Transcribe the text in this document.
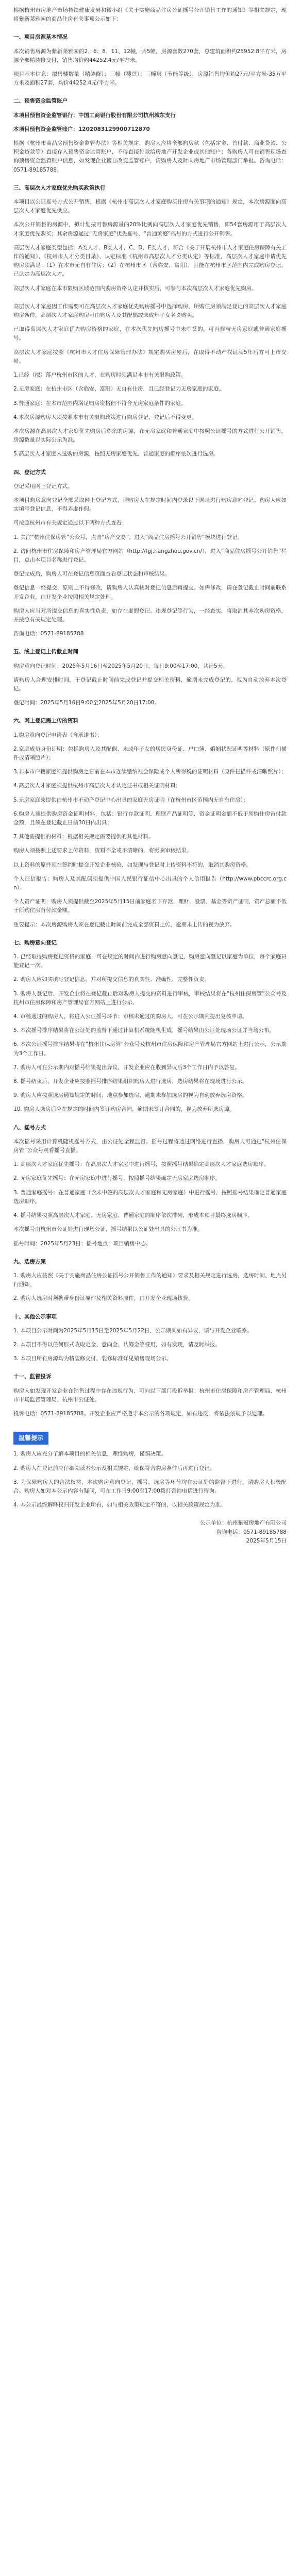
根据杭州市房地产市场持续健康发展和微小组《关于实施商品住房公证摇号公开销售工作的通知》等相关规定，现将紫新莱雅园的商品住房有关事项公示如下：

一、项目房源基本情况

本次销售房源为紫新莱雅园的2、6、8、11、12幢，共5幢，房源套数270套，总建筑面积约25952.8平方米，房源全部精装修交付，销售均价约44252.4元/平方米。

项目基本信息：拟售楼数量（精装修）；三幢（楼盘）；三幢层（节能等级），房源销售均价约27元/平方米-35万平方米及面积27套，均价44252.4元/平方米。

二、预售资金监管账户

本项目预售资金监管银行：中国工商银行股份有限公司杭州城东支行

本项目预售资金监管账户：1202083129900712870

根据《杭州市商品房预售资金监管办法》等相关规定，购房人应将全部购房款（包括定金、首付款、商业贷款、公积金贷款等）直接存入预售资金监管账户，不得直接付款给房地产开发企业或其他账户；各购房人可在销售现场查询预售资金监管账户信息，如发现企业擅自改变监管账户，请购房人及时向房地产市场管理部门举报。咨询电话：0571-89185788。

三、高层次人才家庭优先购买政策执行

本项目以公证摇号方式公开销售，根据《杭州市高层次人才家庭购买住房有关事项的通知》规定，本次房源面向高层次人才家庭优先供应。

本次公开销售的房源中，拟计划按可售房源量的20%比例向高层次人才家庭优先销售，即54套房源用于高层次人才家庭优先购买；其余房源通过“无房家庭”优先摇号、“普通家庭”摇号的方式进行公开销售。

高层次人才家庭类型包括：A类人才、B类人才，C、D、E类人才，符合《关于开展杭州市人才家庭住房保障有关工作的通知》、《杭州市人才分类目录》、认定标准《杭州市高层次人才分类认定》等标准，高层次人才家庭申请优先购房须满足：（1）在本市无自有住房；（2）在杭州市区（含临安、富阳），且能在杭州市区范围内完成购房登记，已认定为高层次人才。

高层次人才家庭在本市限购区域范围内购房资格认定并核实后，可参与本次高层次人才家庭优先购房。

高层次人才家庭因工作需要可在高层次人才家庭优先购房摇号中选择购房，所购住房须满足登记的高层次人才家庭购房条件，高层次人才家庭购房可由购房人及其配偶或未成年子女名义购买。

已取得高层次人才家庭优先购房资格的家庭，在本次优先购房摇号中未中签的，可再参与无房家庭或普通家庭摇号。

高层次人才家庭按照《杭州市人才住房保障管理办法》规定购买房屋后，在取得不动产权证满5年后方可上市交易。

1.已经（拟）落户杭州市区的人才，在购房时须满足本市有关限购政策。

2.无房家庭：在杭州市区（含临安、富阳）无自有住房，且已经登记为无房家庭的家庭。

3.普通家庭：在本市范围内满足购房资格但不符合无房家庭条件的家庭。

4.本次房源购房人须按照本市有关限购政策进行购房登记，登记后不得变更。

本次房源在高层次人才家庭优先购房后剩余的房源，在无房家庭和普通家庭中按照公证摇号的方式进行公开销售，房源数量以实际公示为准。

5.高层次人才家庭未选购的房源，按照无房家庭优先、普通家庭的顺序依次进行选房。

四、登记方式

登记采用网上登记方式。

本项目购房意向登记全部采取网上登记方式，请购房人在规定时间内登录以下网址进行购房意向登记。购房人应如实填写登记信息，不得弄虚作假。

可按照杭州市有关规定通过以下两种方式查看：

1. 关注“杭州住保房管”公众号，点击“房产交易”，进入“商品住房摇号公开销售”模块进行登记。

2. 访问杭州市住房保障和房产管理局官方网站（http://fgj.hangzhou.gov.cn/），进入“商品住房摇号公开销售”栏目，点击本项目名称进行登记。

登记完成后，购房人可在登记信息页面查看登记状态和审核结果。

登记信息一经提交，原则上不得修改，请购房人认真核对登记信息后再提交。如需修改，请在登记截止时间前联系开发企业，由开发企业按照相关规定处理。

购房人应当对所提交信息的真实性负责，如存在虚假登记、违规登记等行为，一经查实，将取消其本次购房资格，并按照有关规定处理。

咨询电话：0571-89185788

五、线上登记上传截止时间

购房意向登记时间：2025年5月16日至2025年5月20日，每日9:00至17:00，共计5天。

请购房人合理安排时间，于登记截止时间前完成登记并提交相关资料，逾期未完成登记的，视为自动放弃本次登记。

登记时间：2025年5月16日9:00至2025年5月20日17:00。

六、网上登记需上传的资料

1.购房意向登记申请表（含承诺书）；

2.家庭成员身份证明：包括购房人及其配偶、未成年子女的居民身份证、户口簿、婚姻状况证明等材料（原件扫描件或清晰照片）；

3.非本市户籍家庭须提供购房之日前在本市连续缴纳社会保险或个人所得税的证明材料（原件扫描件或清晰照片）；

4.高层次人才家庭须提供杭州市高层次人才认定证书或相关证明材料；

5.无房家庭须提供由杭州市不动产登记中心出具的家庭无房证明（在杭州市区范围内无自有住房）；

6.购房人须提供购房资金证明材料，包括：银行存款证明、理财产品证明等，资金证明金额不低于所购住房首付款金额，且须在登记截止日前30日内出具；

7.其他需提供的材料：根据相关规定需要提供的其他材料。

购房人须按照上述要求上传资料，资料不全或不清晰的，将影响审核结果。

以上资料的原件须在签约时提交开发企业核验，如发现与登记时上传资料不符的，取消其购房资格。

个人征信报告：购房人及其配偶须提供中国人民银行征信中心出具的个人信用报告（http://www.pbccrc.org.cn）。

个人资产证明：购房人须提供截至2025年5月15日前家庭名下存款、理财、股票、基金等资产证明，资产总额不低于所购住房首付款金额。

重要提示：本次房源购房人须在登记截止时间前完成全部资料上传，逾期未上传的视为放弃。

七、购房意向登记

1. 已经取得购房登记资格的家庭，可在规定的时间内进行购房意向登记，购房意向登记以家庭为单位，每个家庭只能登记一次。

2. 购房人应如实填写登记信息，并对所提交信息的真实性、准确性、完整性负责。

3. 购房人登记后，开发企业将在登记截止后对购房人提交的资料进行审核，审核结果将在“杭州住保房管”公众号及杭州市住房保障和房产管理局官方网站上进行公示。

4. 审核通过的购房人，将进入公证摇号环节；审核未通过的购房人，可在公示期内提出复核申请。

5. 本次摇号排序结果将在公证处的监督下通过计算机系统随机生成，摇号结果由公证处现场公证并当场公布。

6. 本次公证摇号排序结果将在“杭州住保房管”公众号及杭州市住房保障和房产管理局官方网站上进行公示，公示期为3个工作日。

7. 购房人可在公示期内对摇号结果提出异议，开发企业应在收到异议后3个工作日内予以答复。

8. 摇号结束后，开发企业应按照摇号排序结果组织购房人进行选房，选房结果将在现场进行公示。

9. 购房人应按照选房通知规定的时间、地点参加选房，逾期未参加选房的视为自动放弃选房资格。

10. 购房人选房后应在规定的时间内签订购房合同，逾期未签订合同的，视为放弃所选房源。

八、摇号方式

本次摇号采用计算机随机摇号方式，由公证处全程监督。摇号过程将通过网络进行直播，购房人可通过“杭州住保房管”公众号观看摇号直播。

1. 高层次人才家庭优先摇号：在高层次人才家庭中进行摇号，按照摇号结果确定高层次人才家庭选房顺序。

2. 无房家庭优先摇号：在无房家庭中进行摇号，按照摇号结果确定无房家庭选房顺序。

3. 普通家庭摇号：在普通家庭（含未中签的高层次人才家庭和无房家庭）中进行摇号，按照摇号结果确定普通家庭选房顺序。

4. 摇号结果按照高层次人才家庭、无房家庭、普通家庭的顺序依次排列，形成本项目最终选房顺序。

本次摇号由杭州市公证处进行现场公证，摇号结果以公证处出具的公证书为准。

摇号时间：2025年5月23日；摇号地点：项目销售中心。

九、选房方案

1. 购房人应按照《关于实施商品住房公证摇号公开销售工作的通知》要求及相关规定进行选房，选房时间、地点另行通知。

2. 购房人选房时须携带身份证原件及相关资料原件，由开发企业现场核验。

十、其他公示事项

1. 本项目公示时间为2025年5月15日至2025年5月22日，公示期间如有异议，请与开发企业联系。

2. 本项目不得以任何形式收取定金、意向金、认筹金等费用，如有发现，请及时举报。

3. 本项目所有房源均为精装修交付，装修标准详见销售现场公示。

十一、监督投诉

购房人如发现开发企业在销售过程中存在违规行为，可向以下部门投诉举报：杭州市住房保障和房产管理局、杭州市市场监督管理局、杭州市公证处。

投诉电话：0571-89185788。开发企业应严格遵守本公示的各项规定，如有违反，将依法依规予以处理。

温馨提示

1. 购房人应充分了解本项目的相关信息，理性购房，谨慎决策。

2. 购房人在登记前应仔细阅读本公示及相关规定，确保符合购房条件后再进行登记。

3. 为保障购房人的合法权益，本次购房意向登记、摇号、选房等环节均在公证处的监督下进行，请购房人积极配合。购房人如对本公示内容有疑问，可在工作日9:00至17:00拨打咨询电话进行咨询。

4. 本公示最终解释权归开发企业所有，如与相关政策规定不符的，以相关政策规定为准。

公示单位：杭州紫冠房地产有限公司
咨询电话：0571-89185788
2025年5月15日
